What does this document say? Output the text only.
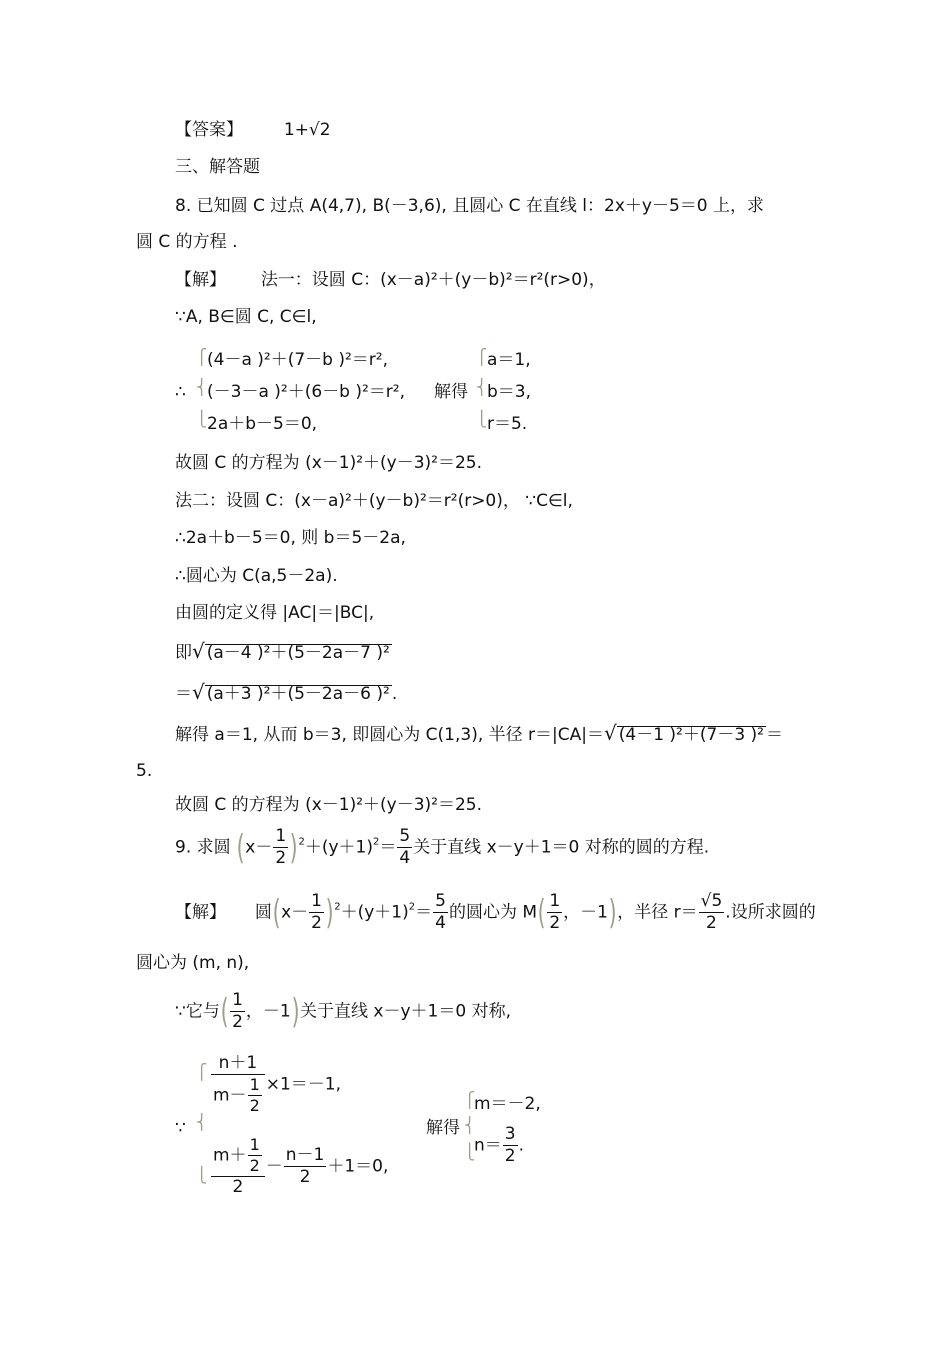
【答案】 1+√2
三、解答题
8. 已知圆 C 过点 A(4,7), B(－3,6), 且圆心 C 在直线 l：2x＋y－5＝0 上，求
圆 C 的方程 .
【解】 法一：设圆 C：(x－a)²＋(y－b)²＝r²(r>0)，
∵A, B∈圆 C, C∈l,
∴
⎧
⎨
⎩
(4－a )²＋(7－b )²＝r²,
(－3－a )²＋(6－b )²＝r²,
2a＋b－5＝0,
解得
⎧
⎨
⎩
a＝1,
b＝3,
r＝5.
故圆 C 的方程为 (x－1)²＋(y－3)²＝25.
法二：设圆 C：(x－a)²＋(y－b)²＝r²(r>0)， ∵C∈l,
∴2a＋b－5＝0, 则 b＝5－2a,
∴圆心为 C(a,5－2a).
由圆的定义得 |AC|＝|BC|,
即√ (a－4 )²＋(5－2a－7 )²
＝√ (a＋3 )²＋(5－2a－6 )² .
解得 a＝1, 从而 b＝3, 即圆心为 C(1,3), 半径 r＝|CA|＝√ (4－1 )²＋(7－3 )² ＝
5.
故圆 C 的方程为 (x－1)²＋(y－3)²＝25.
9. 求圆 $(x- \frac{1}{2} )^2+(y+1)^2= \frac{5}{4}$ 关于直线 x－y＋1＝0 对称的圆的方程.
【解】 圆$(x- \frac{1}{2} )^2+(y+1)^2= \frac{5}{4}$ 的圆心为 $M( \frac{1}{2}$ ，－1)，半径 $r= \frac{√5}{2}$ .设所求圆的
圆心为 (m, n),
∵它与( $\frac{1}{2}$ ，－1)关于直线 x－y＋1＝0 对称,
∵
⎧
⎨
⎩
$\frac{n+1}{m- \frac{1}{2}} \times 1=-1$,
$\frac{m+ \frac{1}{2}}{2} - \frac{n-1}{2} +1=0$,
解得
⎧
⎨
⎩
m＝－2,
$n= \frac{3}{2}$ .
